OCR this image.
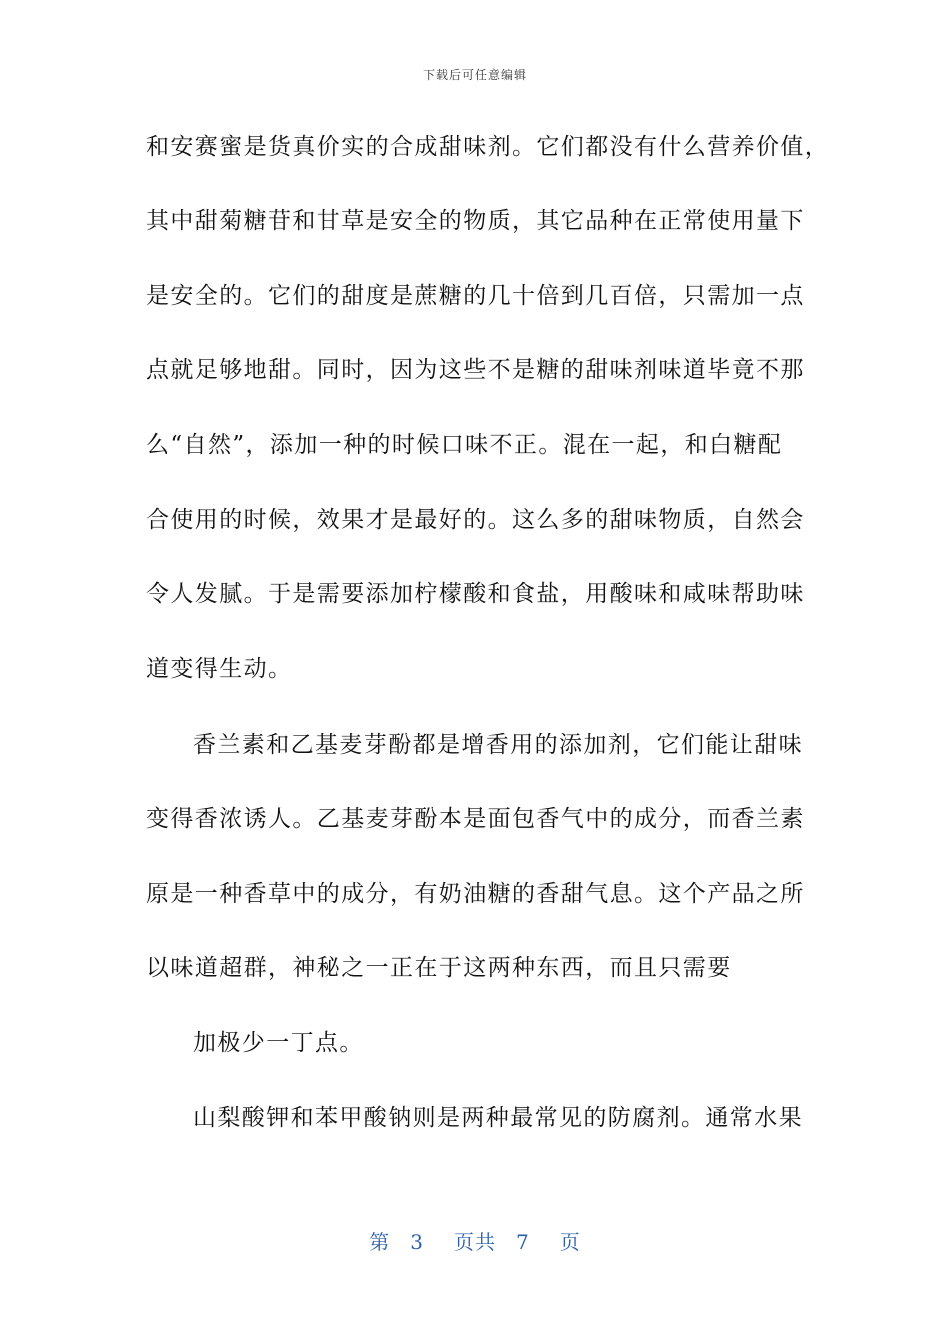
下载后可任意编辑
和安赛蜜是货真价实的合成甜味剂。它们都没有什么营养价值，
其中甜菊糖苷和甘草是安全的物质，其它品种在正常使用量下
是安全的。它们的甜度是蔗糖的几十倍到几百倍，只需加一点
点就足够地甜。同时，因为这些不是糖的甜味剂味道毕竟不那
么“自然”，添加一种的时候口味不正。混在一起，和白糖配
合使用的时候，效果才是最好的。这么多的甜味物质，自然会
令人发腻。于是需要添加柠檬酸和食盐，用酸味和咸味帮助味
道变得生动。
香兰素和乙基麦芽酚都是增香用的添加剂，它们能让甜味
变得香浓诱人。乙基麦芽酚本是面包香气中的成分，而香兰素
原是一种香草中的成分，有奶油糖的香甜气息。这个产品之所
以味道超群，神秘之一正在于这两种东西，而且只需要
加极少一丁点。
山梨酸钾和苯甲酸钠则是两种最常见的防腐剂。通常水果
第 3 页共 7 页
